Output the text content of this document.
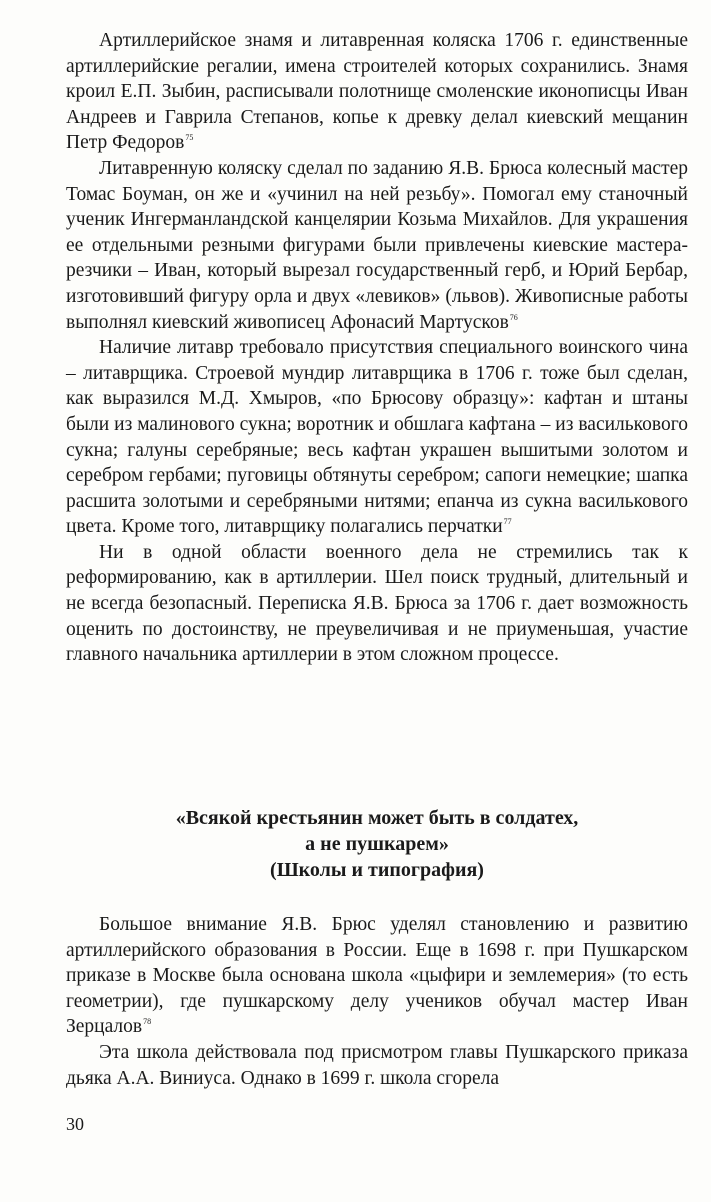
Артиллерийское знамя и литавренная коляска 1706 г. единственные артиллерийские регалии, имена строителей которых сохранились. Знамя кроил Е.П. Зыбин, расписывали полотнище смоленские иконописцы Иван Андреев и Гаврила Степанов, копье к древку делал киевский мещанин Петр Федоров$^{75}$

Литавренную коляску сделал по заданию Я.В. Брюса колесный мастер Томас Боуман, он же и «учинил на ней резьбу». Помогал ему станочный ученик Ингерманландской канцелярии Козьма Михайлов. Для украшения ее отдельными резными фигурами были привлечены киевские мастера-резчики – Иван, который вырезал государственный герб, и Юрий Бербар, изготовивший фигуру орла и двух «левиков» (львов). Живописные работы выполнял киевский живописец Афонасий Мартусков$^{76}$

Наличие литавр требовало присутствия специального воинского чина – литаврщика. Строевой мундир литаврщика в 1706 г. тоже был сделан, как выразился М.Д. Хмыров, «по Брюсову образцу»: кафтан и штаны были из малинового сукна; воротник и обшлага кафтана – из василькового сукна; галуны серебряные; весь кафтан украшен вышитыми золотом и серебром гербами; пуговицы обтянуты серебром; сапоги немецкие; шапка расшита золотыми и серебряными нитями; епанча из сукна василькового цвета. Кроме того, литаврщику полагались перчатки$^{77}$

Ни в одной области военного дела не стремились так к реформированию, как в артиллерии. Шел поиск трудный, длительный и не всегда безопасный. Переписка Я.В. Брюса за 1706 г. дает возможность оценить по достоинству, не преувеличивая и не приуменьшая, участие главного начальника артиллерии в этом сложном процессе.

«Всякой крестьянин может быть в солдатех,
а не пушкарем»
(Школы и типография)

Большое внимание Я.В. Брюс уделял становлению и развитию артиллерийского образования в России. Еще в 1698 г. при Пушкарском приказе в Москве была основана школа «цыфири и землемерия» (то есть геометрии), где пушкарскому делу учеников обучал мастер Иван Зерцалов$^{78}$

Эта школа действовала под присмотром главы Пушкарского приказа дьяка А.А. Виниуса. Однако в 1699 г. школа сгорела

30
